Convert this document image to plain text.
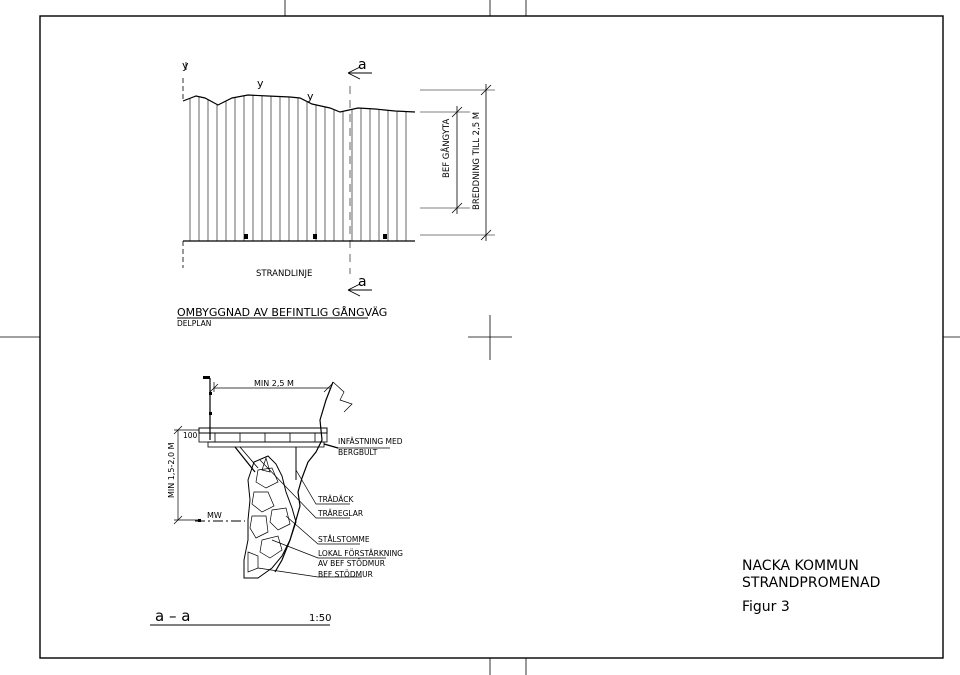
y
y
y
a
a
BEF GÅNGYTA BREDDNING TILL 2,5 M
STRANDLINJE
OMBYGGNAD AV BEFINTLIG GÅNGVÄG
DELPLAN
MIN 2,5 M
MIN 1,5-2,0 M
100
MW
INFÄSTNING MED
BERGBULT
TRÄDÄCK
TRÄREGLAR
STÅLSTOMME
LOKAL FÖRSTÄRKNING
AV BEF STÖDMUR
BEF STÖDMUR
a – a	1:50
NACKA KOMMUN
STRANDPROMENAD
Figur 3
